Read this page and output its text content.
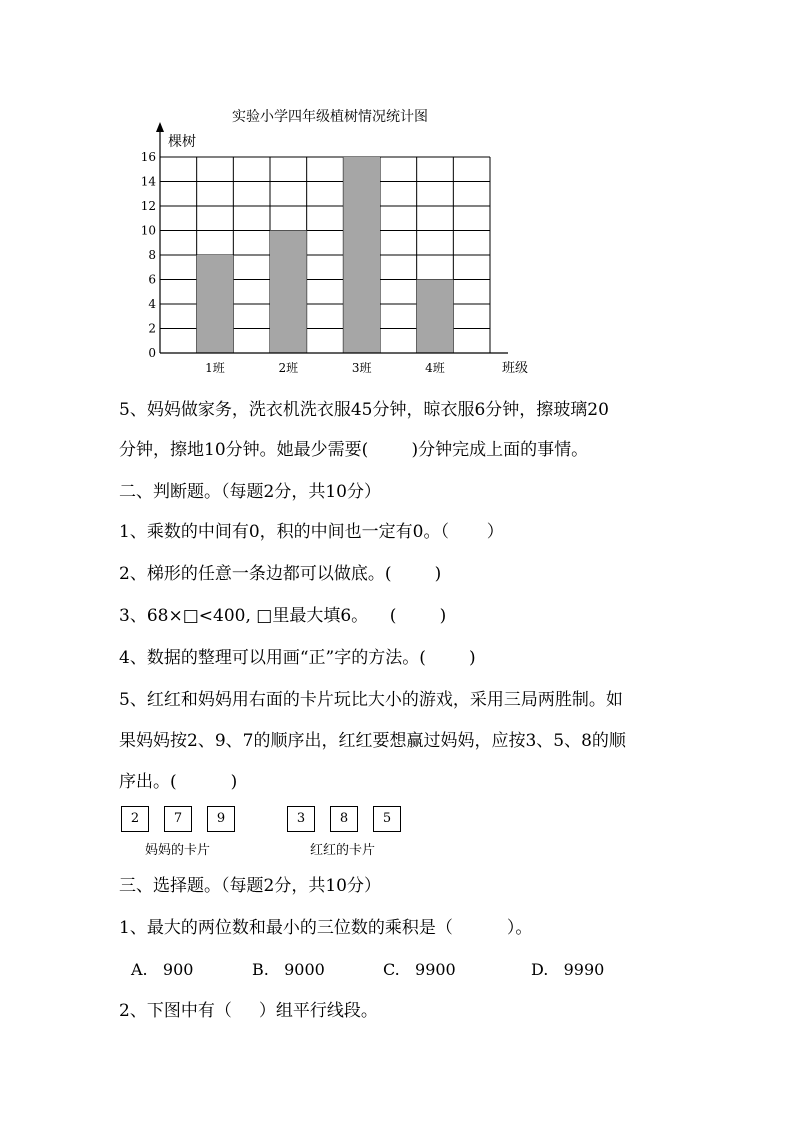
实验小学四年级植树情况统计图
棵树
班级
0
2
4
6
8
10
12
14
16
1班	2班	3班	4班
5、妈妈做家务，洗衣机洗衣服45分钟，晾衣服6分钟，擦玻璃20
分钟，擦地10分钟。她最少需要(        )分钟完成上面的事情。
二、判断题。（每题2分，共10分）
1、乘数的中间有0，积的中间也一定有0。（       ）
2、梯形的任意一条边都可以做底。(        )
3、68×□<400, □里最大填6。    (        )
4、数据的整理可以用画“正”字的方法。(        )
5、红红和妈妈用右面的卡片玩比大小的游戏，采用三局两胜制。如
果妈妈按2、9、7的顺序出，红红要想赢过妈妈，应按3、5、8的顺
序出。(          )
2	7	9	3	8	5
妈妈的卡片	红红的卡片
三、选择题。（每题2分，共10分）
1、最大的两位数和最小的三位数的乘积是（          ）。
A.   900	B.   9000	C.   9900	D.   9990
2、下图中有（     ）组平行线段。
